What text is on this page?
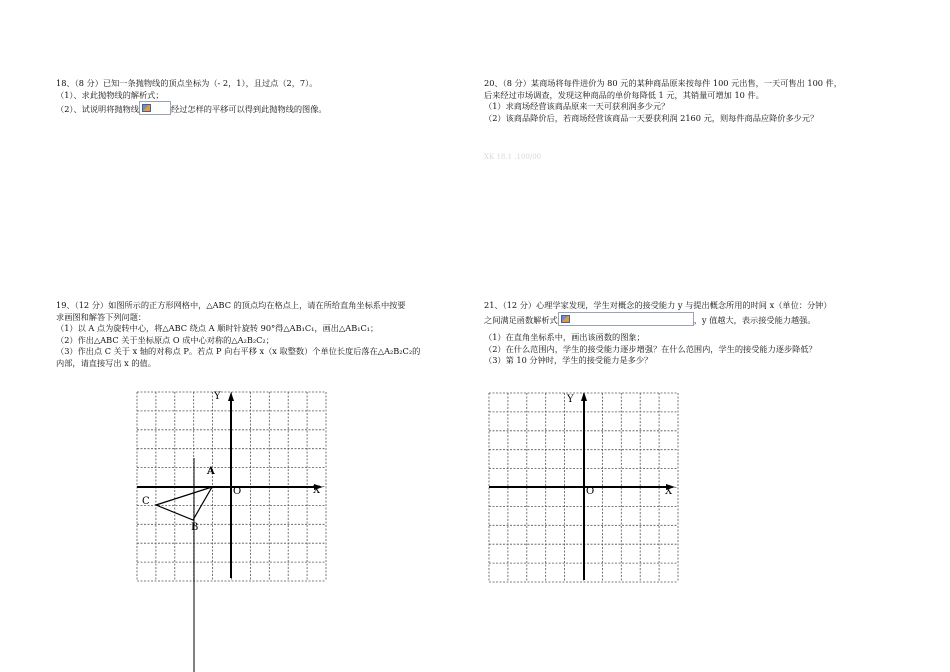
18、（8 分）已知一条抛物线的顶点坐标为（- 2，1），且过点（2，7）。

（1）、求此抛物线的解析式；

（2）、试说明将抛物线	经过怎样的平移可以得到此抛物线的图像。

20、（8 分）某商场将每件进价为 80 元的某种商品原来按每件 100 元出售，一天可售出 100 件，

后来经过市场调查，发现这种商品的单价每降低 1 元，其销量可增加 10 件。

（1）求商场经营该商品原来一天可获利润多少元？

（2）该商品降价后，若商场经营该商品一天要获利润 2160 元，则每件商品应降价多少元？

XK 18.1 .100/00

19、（12 分）如图所示的正方形网格中，△ABC 的顶点均在格点上，请在所给直角坐标系中按要

求画图和解答下列问题：

（1）以 A 点为旋转中心，将△ABC 绕点 A 顺时针旋转 90°得△AB₁C₁，画出△AB₁C₁；

（2）作出△ABC 关于坐标原点 O 成中心对称的△A₂B₂C₂；

（3）作出点 C 关于 x 轴的对称点 P。若点 P 向右平移 x（x 取整数）个单位长度后落在△A₂B₂C₂的

内部，请直接写出 x 的值。

21、（12 分）心理学家发现，学生对概念的接受能力 y 与提出概念所用的时间 x（单位：分钟）

之间满足函数解析式	，y 值越大，表示接受能力越强。

（1）在直角坐标系中，画出该函数的图象；

（2）在什么范围内，学生的接受能力逐步增强？在什么范围内，学生的接受能力逐步降低？

（3）第 10 分钟时，学生的接受能力是多少？

Y
X
O
A
B
C
Y
X
O
